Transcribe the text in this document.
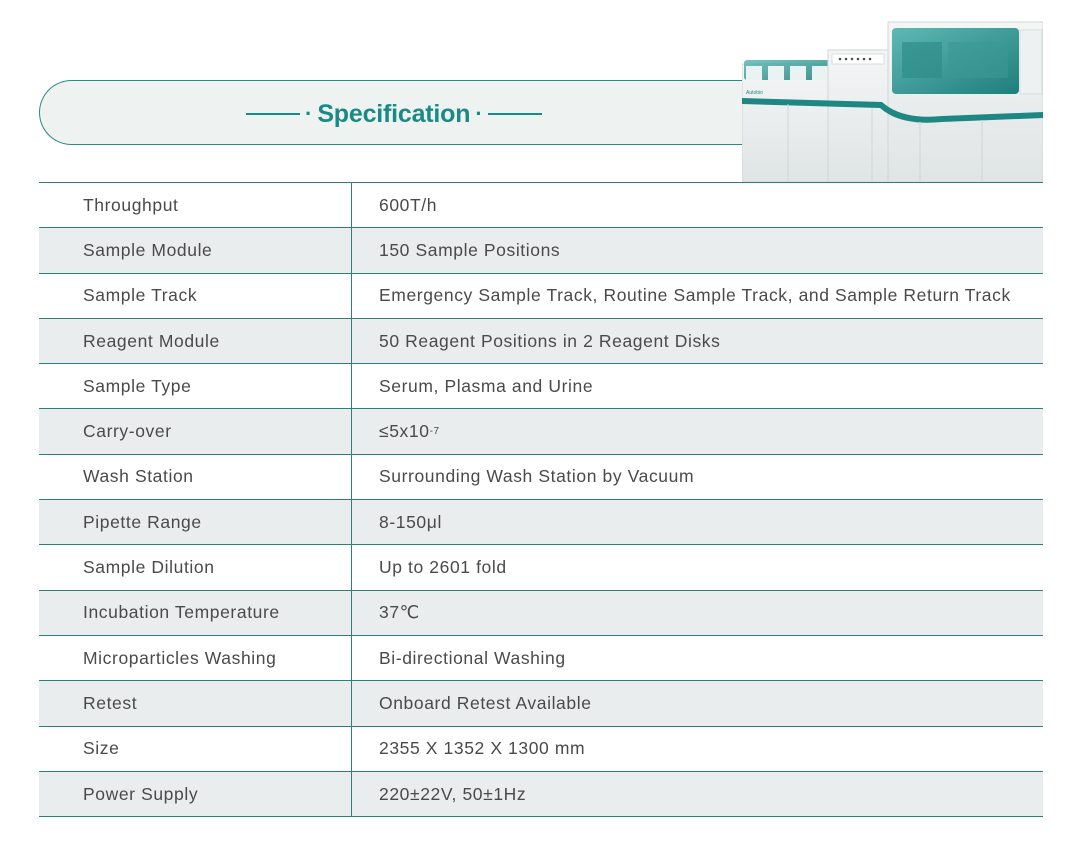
· Specification ·
Autobio
Throughput	600T/h
Sample Module	150 Sample Positions
Sample Track	Emergency Sample Track, Routine Sample Track, and Sample Return Track
Reagent Module	50 Reagent Positions in 2 Reagent Disks
Sample Type	Serum, Plasma and Urine
Carry-over	≤5x10 -7
Wash Station	Surrounding Wash Station by Vacuum
Pipette Range	8-150μl
Sample Dilution	Up to 2601 fold
Incubation Temperature	37℃
Microparticles Washing	Bi-directional Washing
Retest	Onboard Retest Available
Size	2355 X 1352 X 1300 mm
Power Supply	220±22V, 50±1Hz
